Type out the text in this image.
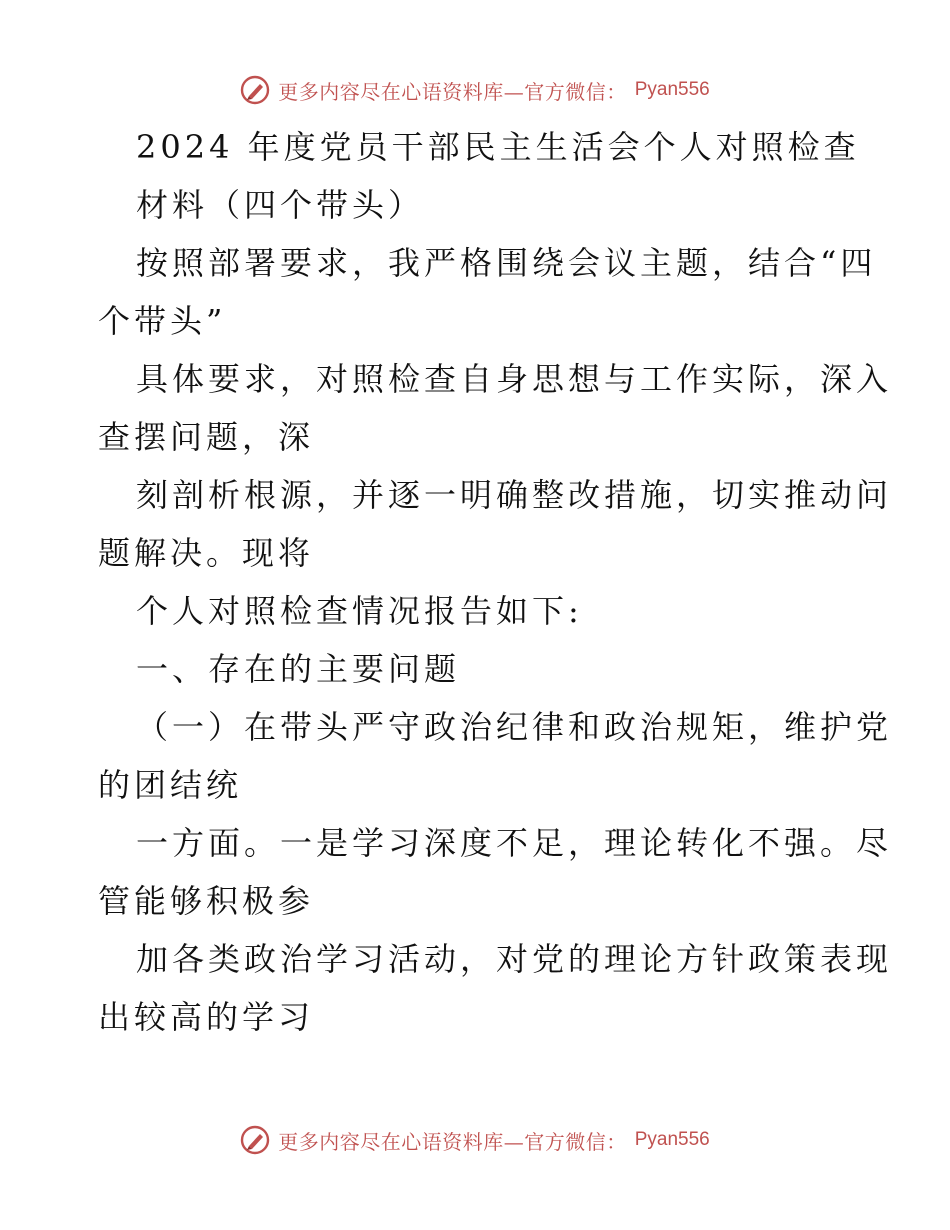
更多内容尽在心语资料库—官方微信： Pyan556
2024 年度党员干部民主生活会个人对照检查
材料（四个带头）
按照部署要求，我严格围绕会议主题，结合“四
个带头”
具体要求，对照检查自身思想与工作实际，深入
查摆问题，深
刻剖析根源，并逐一明确整改措施，切实推动问
题解决。现将
个人对照检查情况报告如下:
一、存在的主要问题
（一）在带头严守政治纪律和政治规矩，维护党
的团结统
一方面。一是学习深度不足，理论转化不强。尽
管能够积极参
加各类政治学习活动，对党的理论方针政策表现
出较高的学习
更多内容尽在心语资料库—官方微信： Pyan556
